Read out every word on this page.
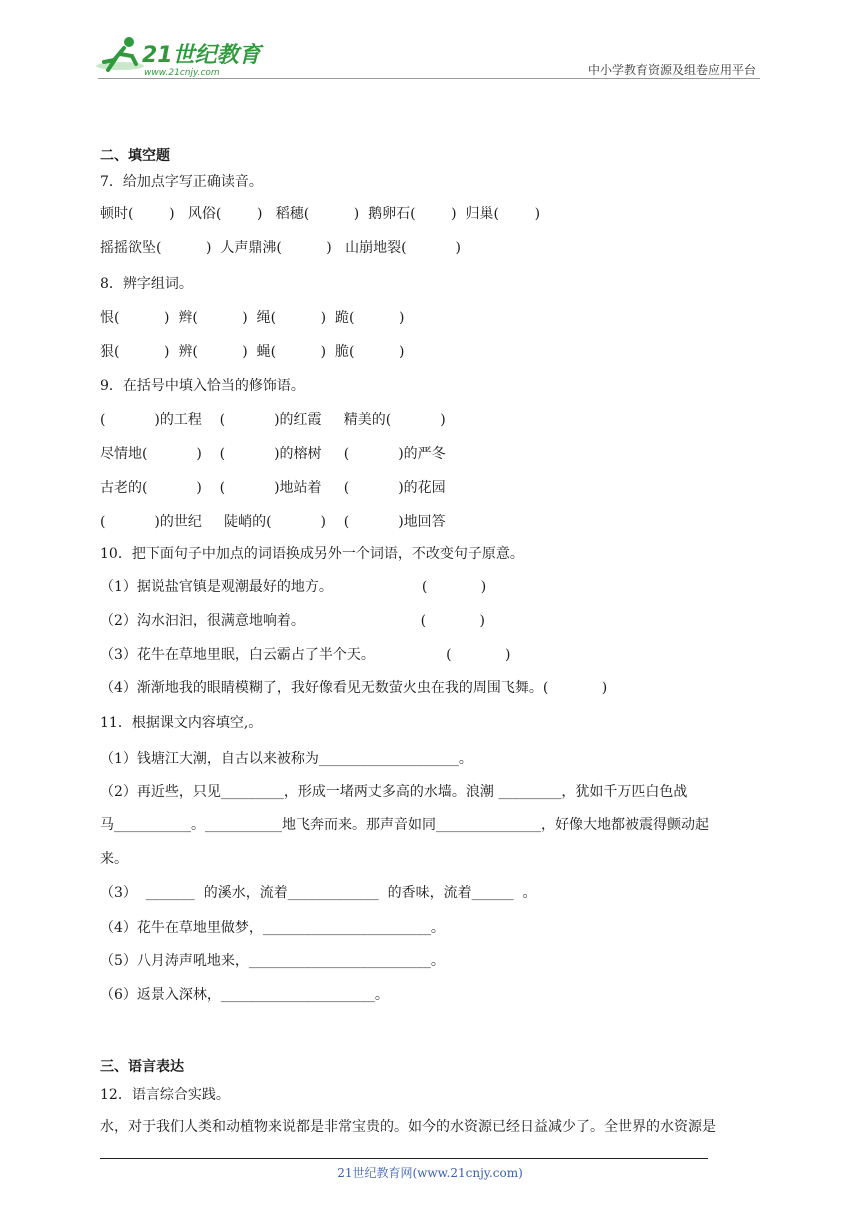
21世纪教育
www.21cnjy.com	中小学教育资源及组卷应用平台
二、填空题
7．给加点字写正确读音。
顿时(        )   风俗(        )   稻穗(          )  鹅卵石(        )  归巢(        )
摇摇欲坠(          )  人声鼎沸(          )   山崩地裂(           )
8．辨字组词。
恨(          )  辫(          )  绳(          )  跪(          )
狠(          )  辨(          )  蝇(          )  脆(          )
9．在括号中填入恰当的修饰语。
(           )的工程    (           )的红霞     精美的(           )
尽情地(           )    (           )的榕树     (           )的严冬
古老的(           )    (           )地站着     (           )的花园
(           )的世纪     陡峭的(           )    (           )地回答
10．把下面句子中加点的词语换成另外一个词语，不改变句子原意。
（1）据说盐官镇是观潮最好的地方。                    (            )
（2）沟水汩汩，很满意地响着。                          (            )
（3）花牛在草地里眠，白云霸占了半个天。                (            )
（4）渐渐地我的眼睛模糊了，我好像看见无数萤火虫在我的周围飞舞。(            )
11．根据课文内容填空,。
（1）钱塘江大潮，自古以来被称为____________________。
（2）再近些，只见_________，形成一堵两丈多高的水墙。浪潮 _________，犹如千万匹白色战
马___________。___________地飞奔而来。那声音如同_______________，好像大地都被震得颤动起
来。
（3）  _______  的溪水，流着_____________  的香味，流着______  。
（4）花牛在草地里做梦，________________________。
（5）八月涛声吼地来，__________________________。
（6）返景入深林，______________________。
三、语言表达
12．语言综合实践。
水，对于我们人类和动植物来说都是非常宝贵的。如今的水资源已经日益减少了。全世界的水资源是
21世纪教育网(www.21cnjy.com)
